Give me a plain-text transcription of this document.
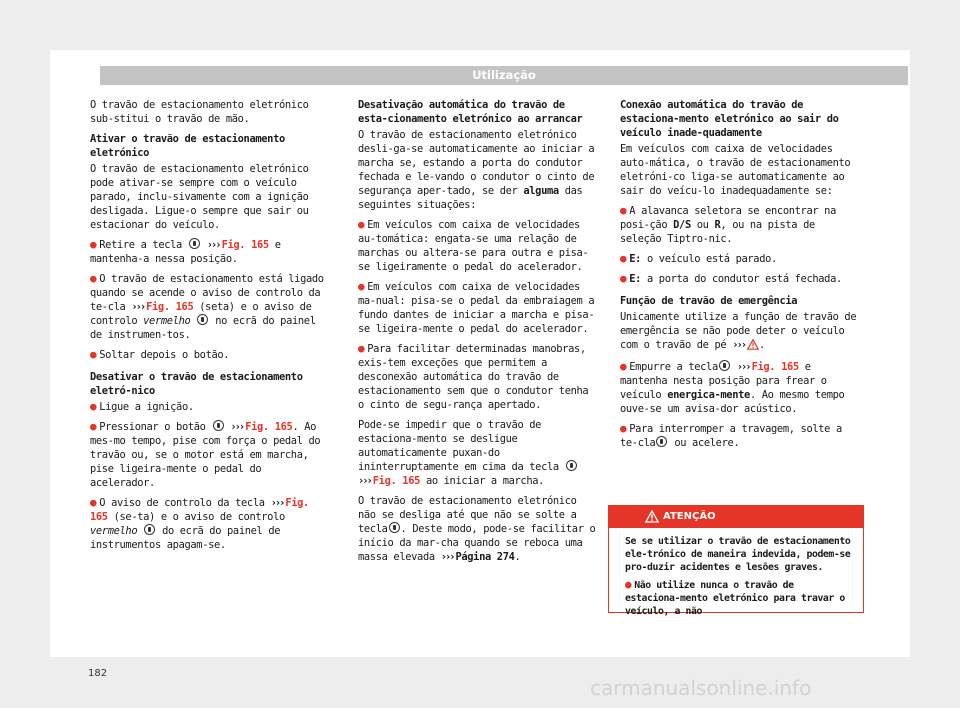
Utilização

O travão de estacionamento eletrónico sub-stitui o travão de mão.

Ativar o travão de estacionamento eletrónico

O travão de estacionamento eletrónico pode ativar-se sempre com o veículo parado, inclu-sivamente com a ignição desligada. Ligue-o sempre que sair ou estacionar do veículo.

● Retire a tecla ››› Fig. 165 e mantenha-a nessa posição.
● O travão de estacionamento está ligado quando se acende o aviso de controlo da te-cla ››› Fig. 165 (seta) e o aviso de controlo vermelho no ecrã do painel de instrumen-tos.
● Soltar depois o botão.
Desativar o travão de estacionamento eletró-nico
● Ligue a ignição.
● Pressionar o botão ››› Fig. 165. Ao mes-mo tempo, pise com força o pedal do travão ou, se o motor está em marcha, pise ligeira-mente o pedal do acelerador.
● O aviso de controlo da tecla ››› Fig. 165 (se-ta) e o aviso de controlo vermelho do ecrã do painel de instrumentos apagam-se.
Desativação automática do travão de esta-cionamento eletrónico ao arrancar

O travão de estacionamento eletrónico desli-ga-se automaticamente ao iniciar a marcha se, estando a porta do condutor fechada e le-vando o condutor o cinto de segurança aper-tado, se der alguma das seguintes situações:

● Em veículos com caixa de velocidades au-tomática: engata-se uma relação de marchas ou altera-se para outra e pisa-se ligeiramente o pedal do acelerador.
● Em veículos com caixa de velocidades ma-nual: pisa-se o pedal da embraiagem a fundo dantes de iniciar a marcha e pisa-se ligeira-mente o pedal do acelerador.
● Para facilitar determinadas manobras, exis-tem exceções que permitem a desconexão automática do travão de estacionamento sem que o condutor tenha o cinto de segu-rança apertado.

Pode-se impedir que o travão de estaciona-mento se desligue automaticamente puxan-do ininterruptamente em cima da tecla  ››› Fig. 165 ao iniciar a marcha.

O travão de estacionamento eletrónico não se desliga até que não se solte a tecla . Deste modo, pode-se facilitar o início da mar-cha quando se reboca uma massa elevada ››› Página 274.

Conexão automática do travão de estaciona-mento eletrónico ao sair do veículo inade-quadamente

Em veículos com caixa de velocidades auto-mática, o travão de estacionamento eletróni-co liga-se automaticamente ao sair do veícu-lo inadequadamente se:

● A alavanca seletora se encontrar na posi-ção D/S ou R, ou na pista de seleção Tiptro-nic.
● E: o veículo está parado.
● E: a porta do condutor está fechada.
Função de travão de emergência

Unicamente utilize a função de travão de emergência se não pode deter o veículo com o travão de pé ››› .

● Empurre a tecla ››› Fig. 165 e mantenha nesta posição para frear o veículo energica-mente. Ao mesmo tempo ouve-se um avisa-dor acústico.
● Para interromper a travagem, solte a te-cla ou acelere.
182
ATENÇÃO

Se se utilizar o travão de estacionamento ele-trónico de maneira indevida, podem-se pro-duzir acidentes e lesões graves.

● Não utilize nunca o travão de estaciona-mento eletrónico para travar o veículo, a não

carmanualsonline.info
